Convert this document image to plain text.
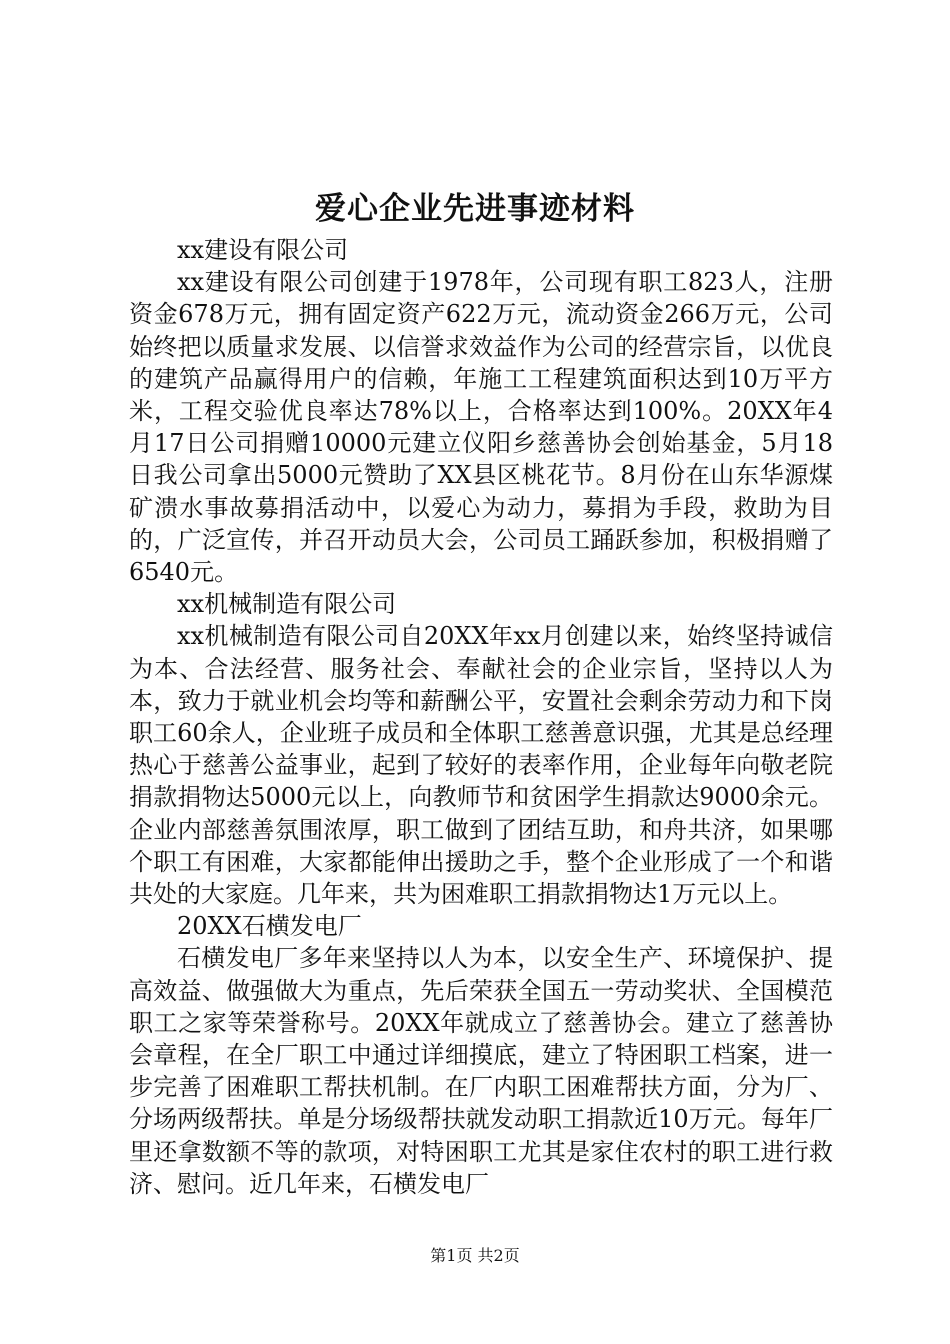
爱心企业先进事迹材料

xx建设有限公司

xx建设有限公司创建于1978年，公司现有职工823人，注册资金678万元，拥有固定资产622万元，流动资金266万元，公司始终把以质量求发展、以信誉求效益作为公司的经营宗旨，以优良的建筑产品赢得用户的信赖，年施工工程建筑面积达到10万平方米，工程交验优良率达78%以上，合格率达到100%。20XX年4月17日公司捐赠10000元建立仪阳乡慈善协会创始基金，5月18日我公司拿出5000元赞助了XX县区桃花节。8月份在山东华源煤矿溃水事故募捐活动中，以爱心为动力，募捐为手段，救助为目的，广泛宣传，并召开动员大会，公司员工踊跃参加，积极捐赠了6540元。

xx机械制造有限公司

xx机械制造有限公司自20XX年xx月创建以来，始终坚持诚信为本、合法经营、服务社会、奉献社会的企业宗旨，坚持以人为本，致力于就业机会均等和薪酬公平，安置社会剩余劳动力和下岗职工60余人，企业班子成员和全体职工慈善意识强，尤其是总经理热心于慈善公益事业，起到了较好的表率作用，企业每年向敬老院捐款捐物达5000元以上，向教师节和贫困学生捐款达9000余元。企业内部慈善氛围浓厚，职工做到了团结互助，和舟共济，如果哪个职工有困难，大家都能伸出援助之手，整个企业形成了一个和谐共处的大家庭。几年来，共为困难职工捐款捐物达1万元以上。

20XX石横发电厂

石横发电厂多年来坚持以人为本，以安全生产、环境保护、提高效益、做强做大为重点，先后荣获全国五一劳动奖状、全国模范职工之家等荣誉称号。20XX年就成立了慈善协会。建立了慈善协会章程，在全厂职工中通过详细摸底，建立了特困职工档案，进一步完善了困难职工帮扶机制。在厂内职工困难帮扶方面，分为厂、分场两级帮扶。单是分场级帮扶就发动职工捐款近10万元。每年厂里还拿数额不等的款项，对特困职工尤其是家住农村的职工进行救济、慰问。近几年来，石横发电厂

第1页 共2页
